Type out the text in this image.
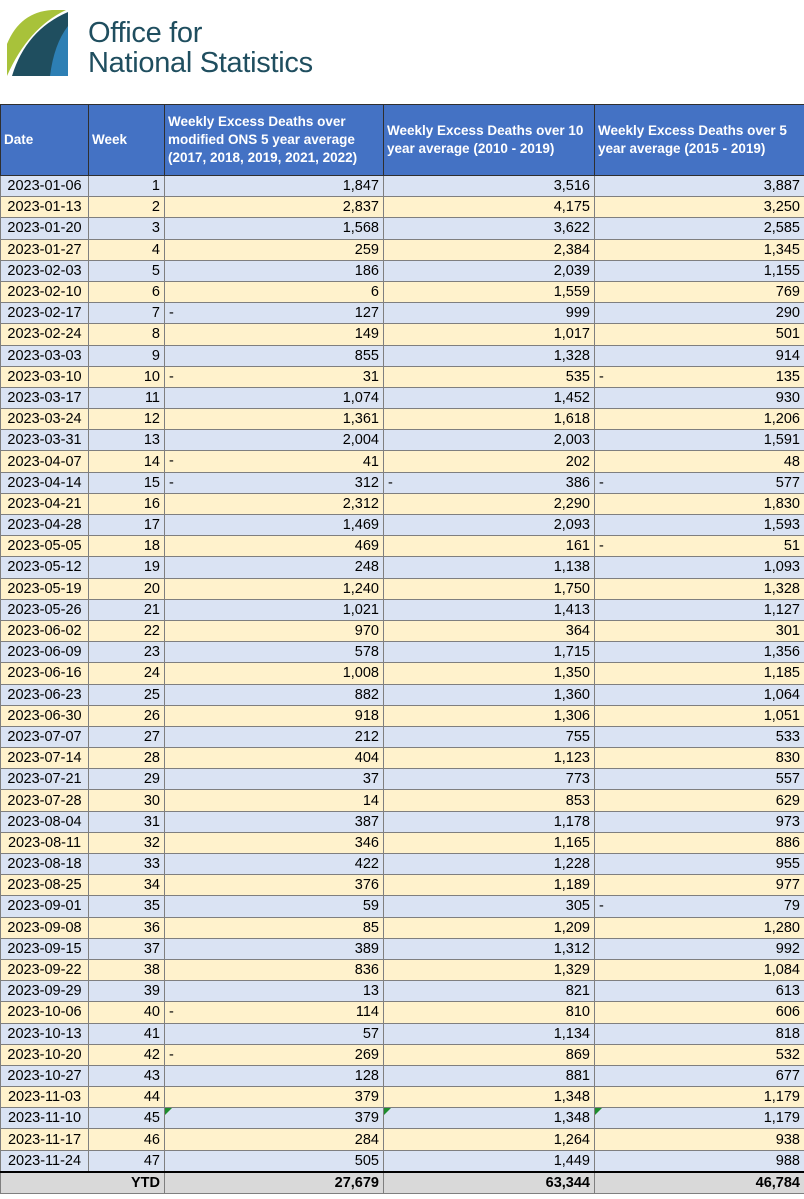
Office for
National Statistics
Date	Week	Weekly Excess Deaths over modified ONS 5 year average (2017, 2018, 2019, 2021, 2022)	Weekly Excess Deaths over 10 year average (2010 - 2019)	Weekly Excess Deaths over 5 year average (2015 - 2019)
2023-01-06	1	1,847	3,516	3,887
2023-01-13	2	2,837	4,175	3,250
2023-01-20	3	1,568	3,622	2,585
2023-01-27	4	259	2,384	1,345
2023-02-03	5	186	2,039	1,155
2023-02-10	6	6	1,559	769
2023-02-17	7	- 127	999	290
2023-02-24	8	149	1,017	501
2023-03-03	9	855	1,328	914
2023-03-10	10	- 31	535	- 135
2023-03-17	11	1,074	1,452	930
2023-03-24	12	1,361	1,618	1,206
2023-03-31	13	2,004	2,003	1,591
2023-04-07	14	- 41	202	48
2023-04-14	15	- 312	- 386	- 577
2023-04-21	16	2,312	2,290	1,830
2023-04-28	17	1,469	2,093	1,593
2023-05-05	18	469	161	- 51
2023-05-12	19	248	1,138	1,093
2023-05-19	20	1,240	1,750	1,328
2023-05-26	21	1,021	1,413	1,127
2023-06-02	22	970	364	301
2023-06-09	23	578	1,715	1,356
2023-06-16	24	1,008	1,350	1,185
2023-06-23	25	882	1,360	1,064
2023-06-30	26	918	1,306	1,051
2023-07-07	27	212	755	533
2023-07-14	28	404	1,123	830
2023-07-21	29	37	773	557
2023-07-28	30	14	853	629
2023-08-04	31	387	1,178	973
2023-08-11	32	346	1,165	886
2023-08-18	33	422	1,228	955
2023-08-25	34	376	1,189	977
2023-09-01	35	59	305	- 79
2023-09-08	36	85	1,209	1,280
2023-09-15	37	389	1,312	992
2023-09-22	38	836	1,329	1,084
2023-09-29	39	13	821	613
2023-10-06	40	- 114	810	606
2023-10-13	41	57	1,134	818
2023-10-20	42	- 269	869	532
2023-10-27	43	128	881	677
2023-11-03	44	379	1,348	1,179
2023-11-10	45	379	1,348	1,179
2023-11-17	46	284	1,264	938
2023-11-24	47	505	1,449	988
YTD		27,679	63,344	46,784
